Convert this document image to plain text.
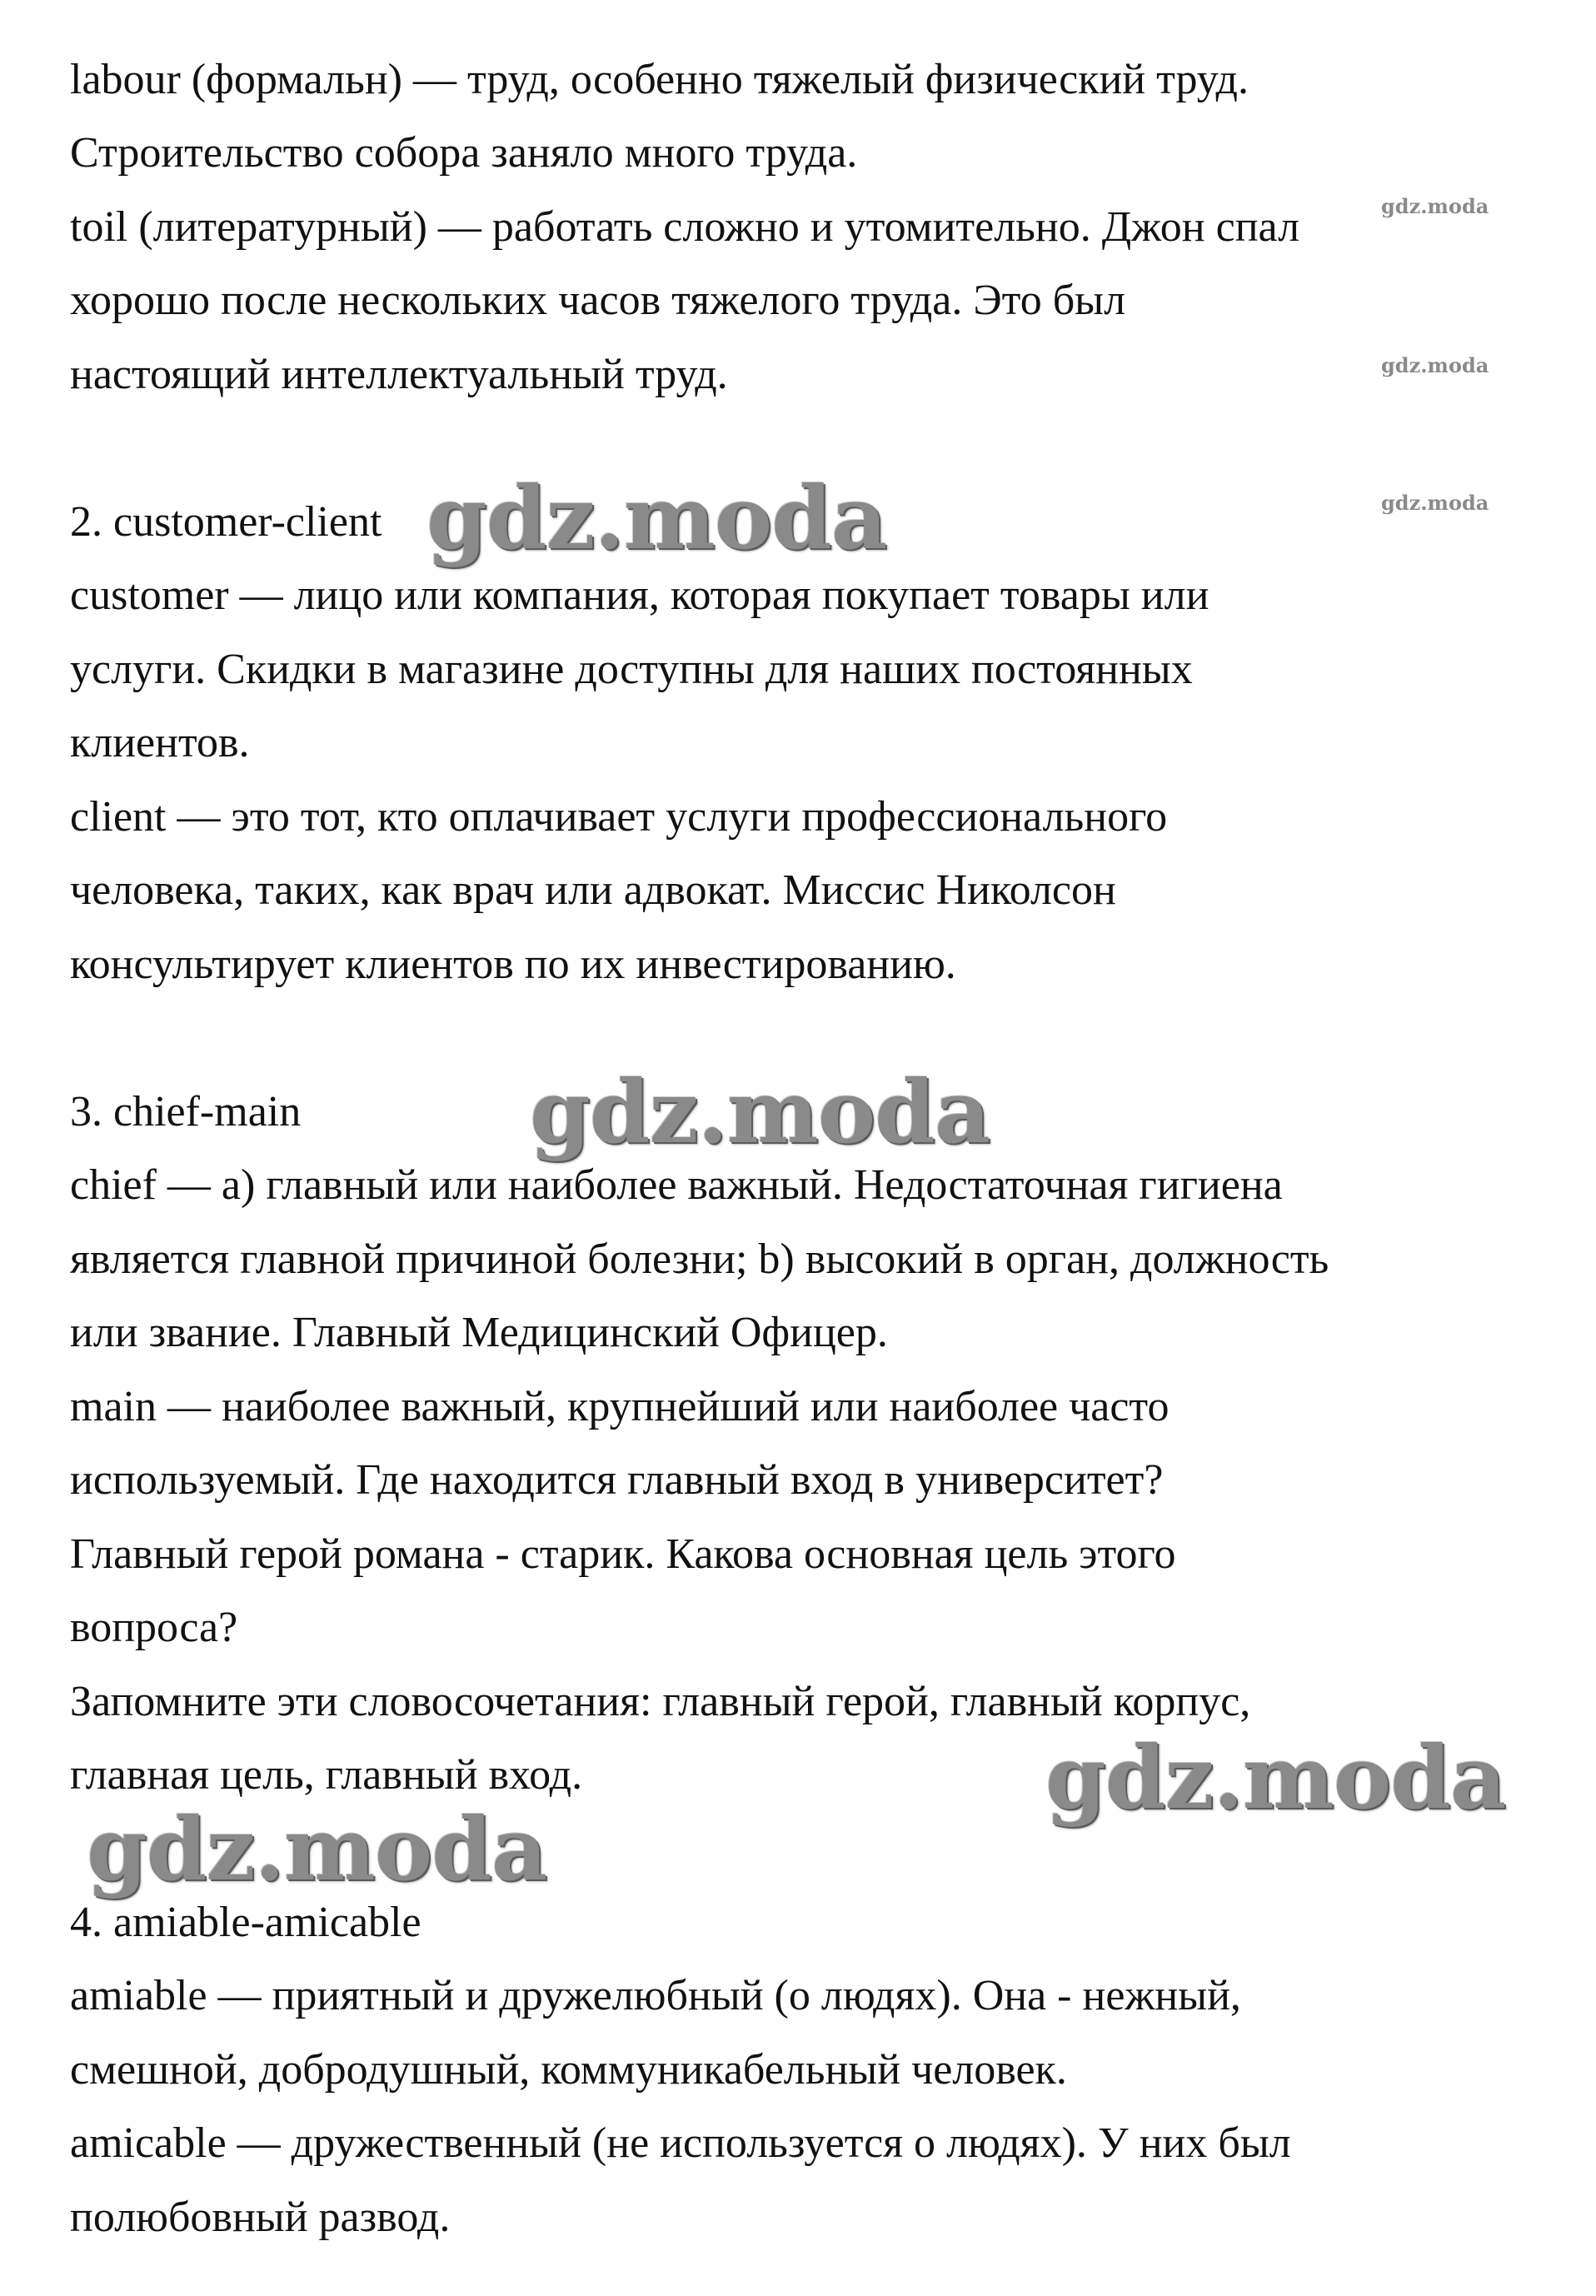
labour (формальн) — труд, особенно тяжелый физический труд.
Строительство собора заняло много труда.
toil (литературный) — работать сложно и утомительно. Джон спал
хорошо после нескольких часов тяжелого труда. Это был
настоящий интеллектуальный труд.
2. customer-client
customer — лицо или компания, которая покупает товары или
услуги. Скидки в магазине доступны для наших постоянных
клиентов.
client — это тот, кто оплачивает услуги профессионального
человека, таких, как врач или адвокат. Миссис Николсон
консультирует клиентов по их инвестированию.
3. chief-main
chief — a) главный или наиболее важный. Недостаточная гигиена
является главной причиной болезни; b) высокий в орган, должность
или звание. Главный Медицинский Офицер.
main — наиболее важный, крупнейший или наиболее часто
используемый. Где находится главный вход в университет?
Главный герой романа - старик. Какова основная цель этого
вопроса?
Запомните эти словосочетания: главный герой, главный корпус,
главная цель, главный вход.
4. amiable-amicable
amiable — приятный и дружелюбный (о людях). Она - нежный,
смешной, добродушный, коммуникабельный человек.
amicable — дружественный (не используется о людях). У них был
полюбовный развод.
gdz.moda
gdz.moda
gdz.moda
gdz.moda
gdz.moda
gdz.moda
gdz.moda
